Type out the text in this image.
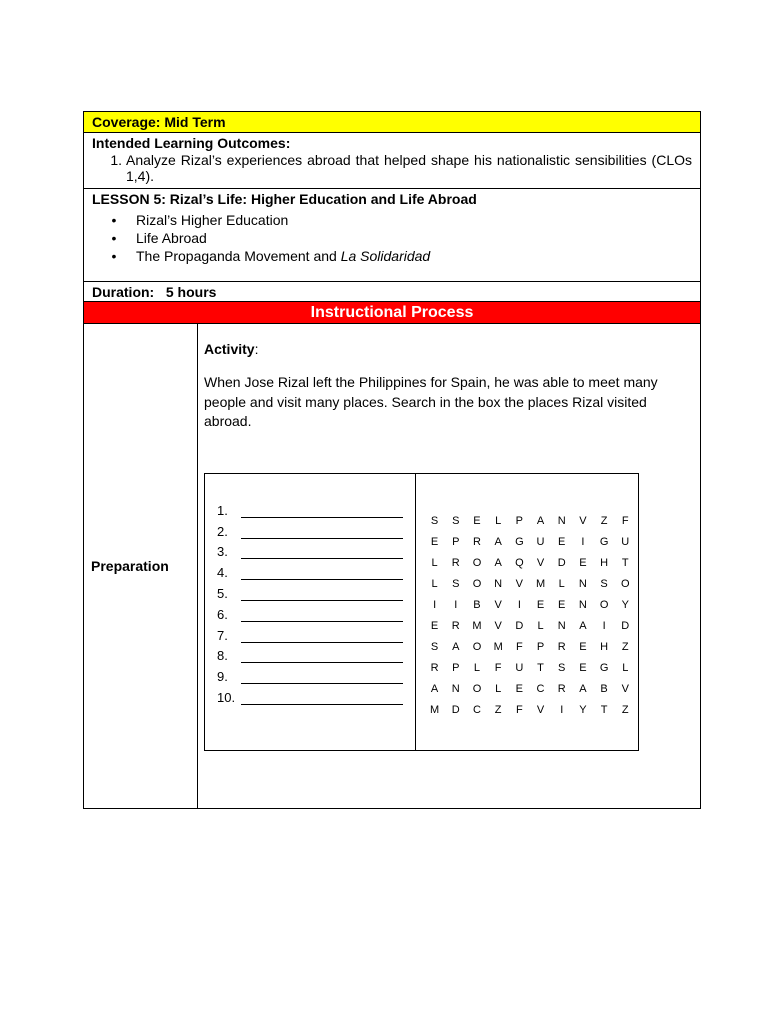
Coverage: Mid Term
Intended Learning Outcomes:
1. Analyze Rizal’s experiences abroad that helped shape his nationalistic sensibilities (CLOs 1,4).
LESSON 5: Rizal’s Life: Higher Education and Life Abroad
•	Rizal’s Higher Education
•	Life Abroad
•	The Propaganda Movement and La Solidaridad
Duration:   5 hours
Instructional Process
Preparation
Activity:
When Jose Rizal left the Philippines for Spain, he was able to meet many people and visit many places. Search in the box the places Rizal visited abroad.
1.
2.
3.
4.
5.
6.
7.
8.
9.
10.
S	S	E	L	P	A	N	V	Z	F
E	P	R	A	G	U	E	I	G	U
L	R	O	A	Q	V	D	E	H	T
L	S	O	N	V	M	L	N	S	O
I	I	B	V	I	E	E	N	O	Y
E	R	M	V	D	L	N	A	I	D
S	A	O	M	F	P	R	E	H	Z
R	P	L	F	U	T	S	E	G	L
A	N	O	L	E	C	R	A	B	V
M	D	C	Z	F	V	I	Y	T	Z
